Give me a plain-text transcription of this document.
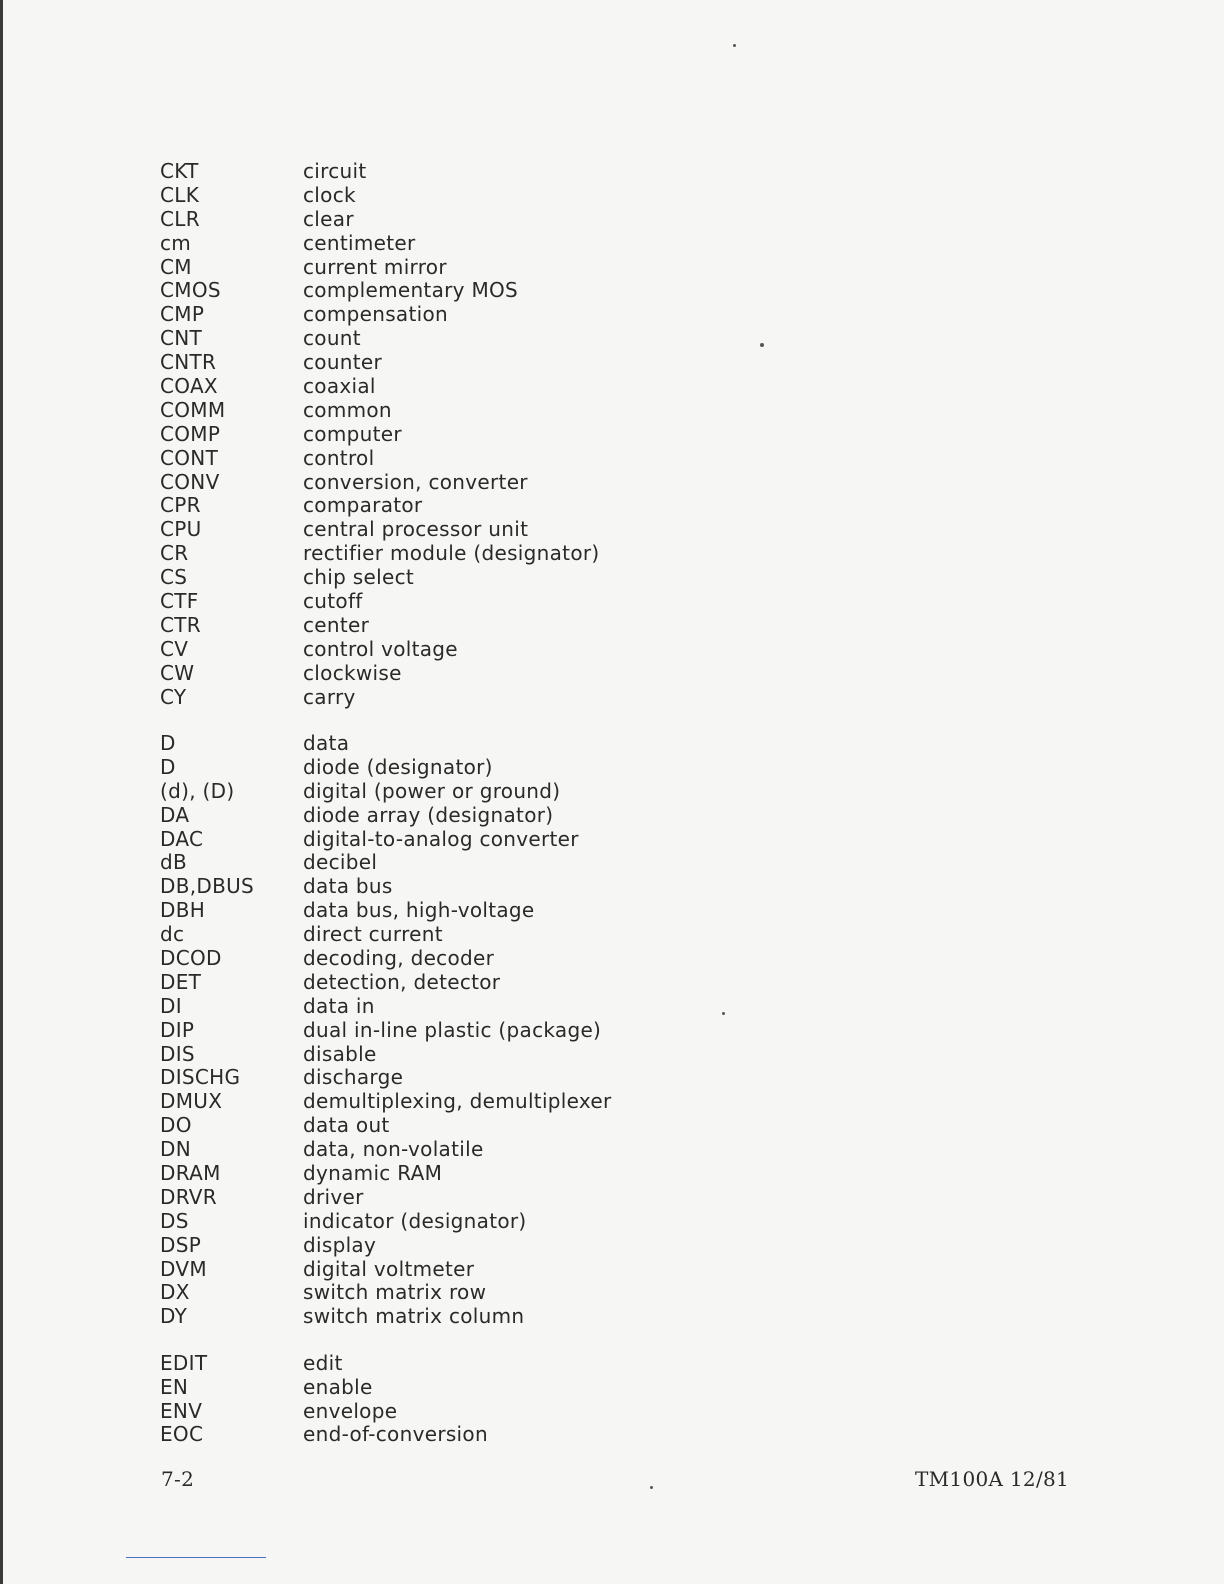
CKT	circuit
CLK	clock
CLR	clear
cm	centimeter
CM	current mirror
CMOS	complementary MOS
CMP	compensation
CNT	count
CNTR	counter
COAX	coaxial
COMM	common
COMP	computer
CONT	control
CONV	conversion, converter
CPR	comparator
CPU	central processor unit
CR	rectifier module (designator)
CS	chip select
CTF	cutoff
CTR	center
CV	control voltage
CW	clockwise
CY	carry
D	data
D	diode (designator)
(d), (D)	digital (power or ground)
DA	diode array (designator)
DAC	digital-to-analog converter
dB	decibel
DB,DBUS	data bus
DBH	data bus, high-voltage
dc	direct current
DCOD	decoding, decoder
DET	detection, detector
DI	data in
DIP	dual in-line plastic (package)
DIS	disable
DISCHG	discharge
DMUX	demultiplexing, demultiplexer
DO	data out
DN	data, non-volatile
DRAM	dynamic RAM
DRVR	driver
DS	indicator (designator)
DSP	display
DVM	digital voltmeter
DX	switch matrix row
DY	switch matrix column
EDIT	edit
EN	enable
ENV	envelope
EOC	end-of-conversion
7-2	TM100A 12/81
